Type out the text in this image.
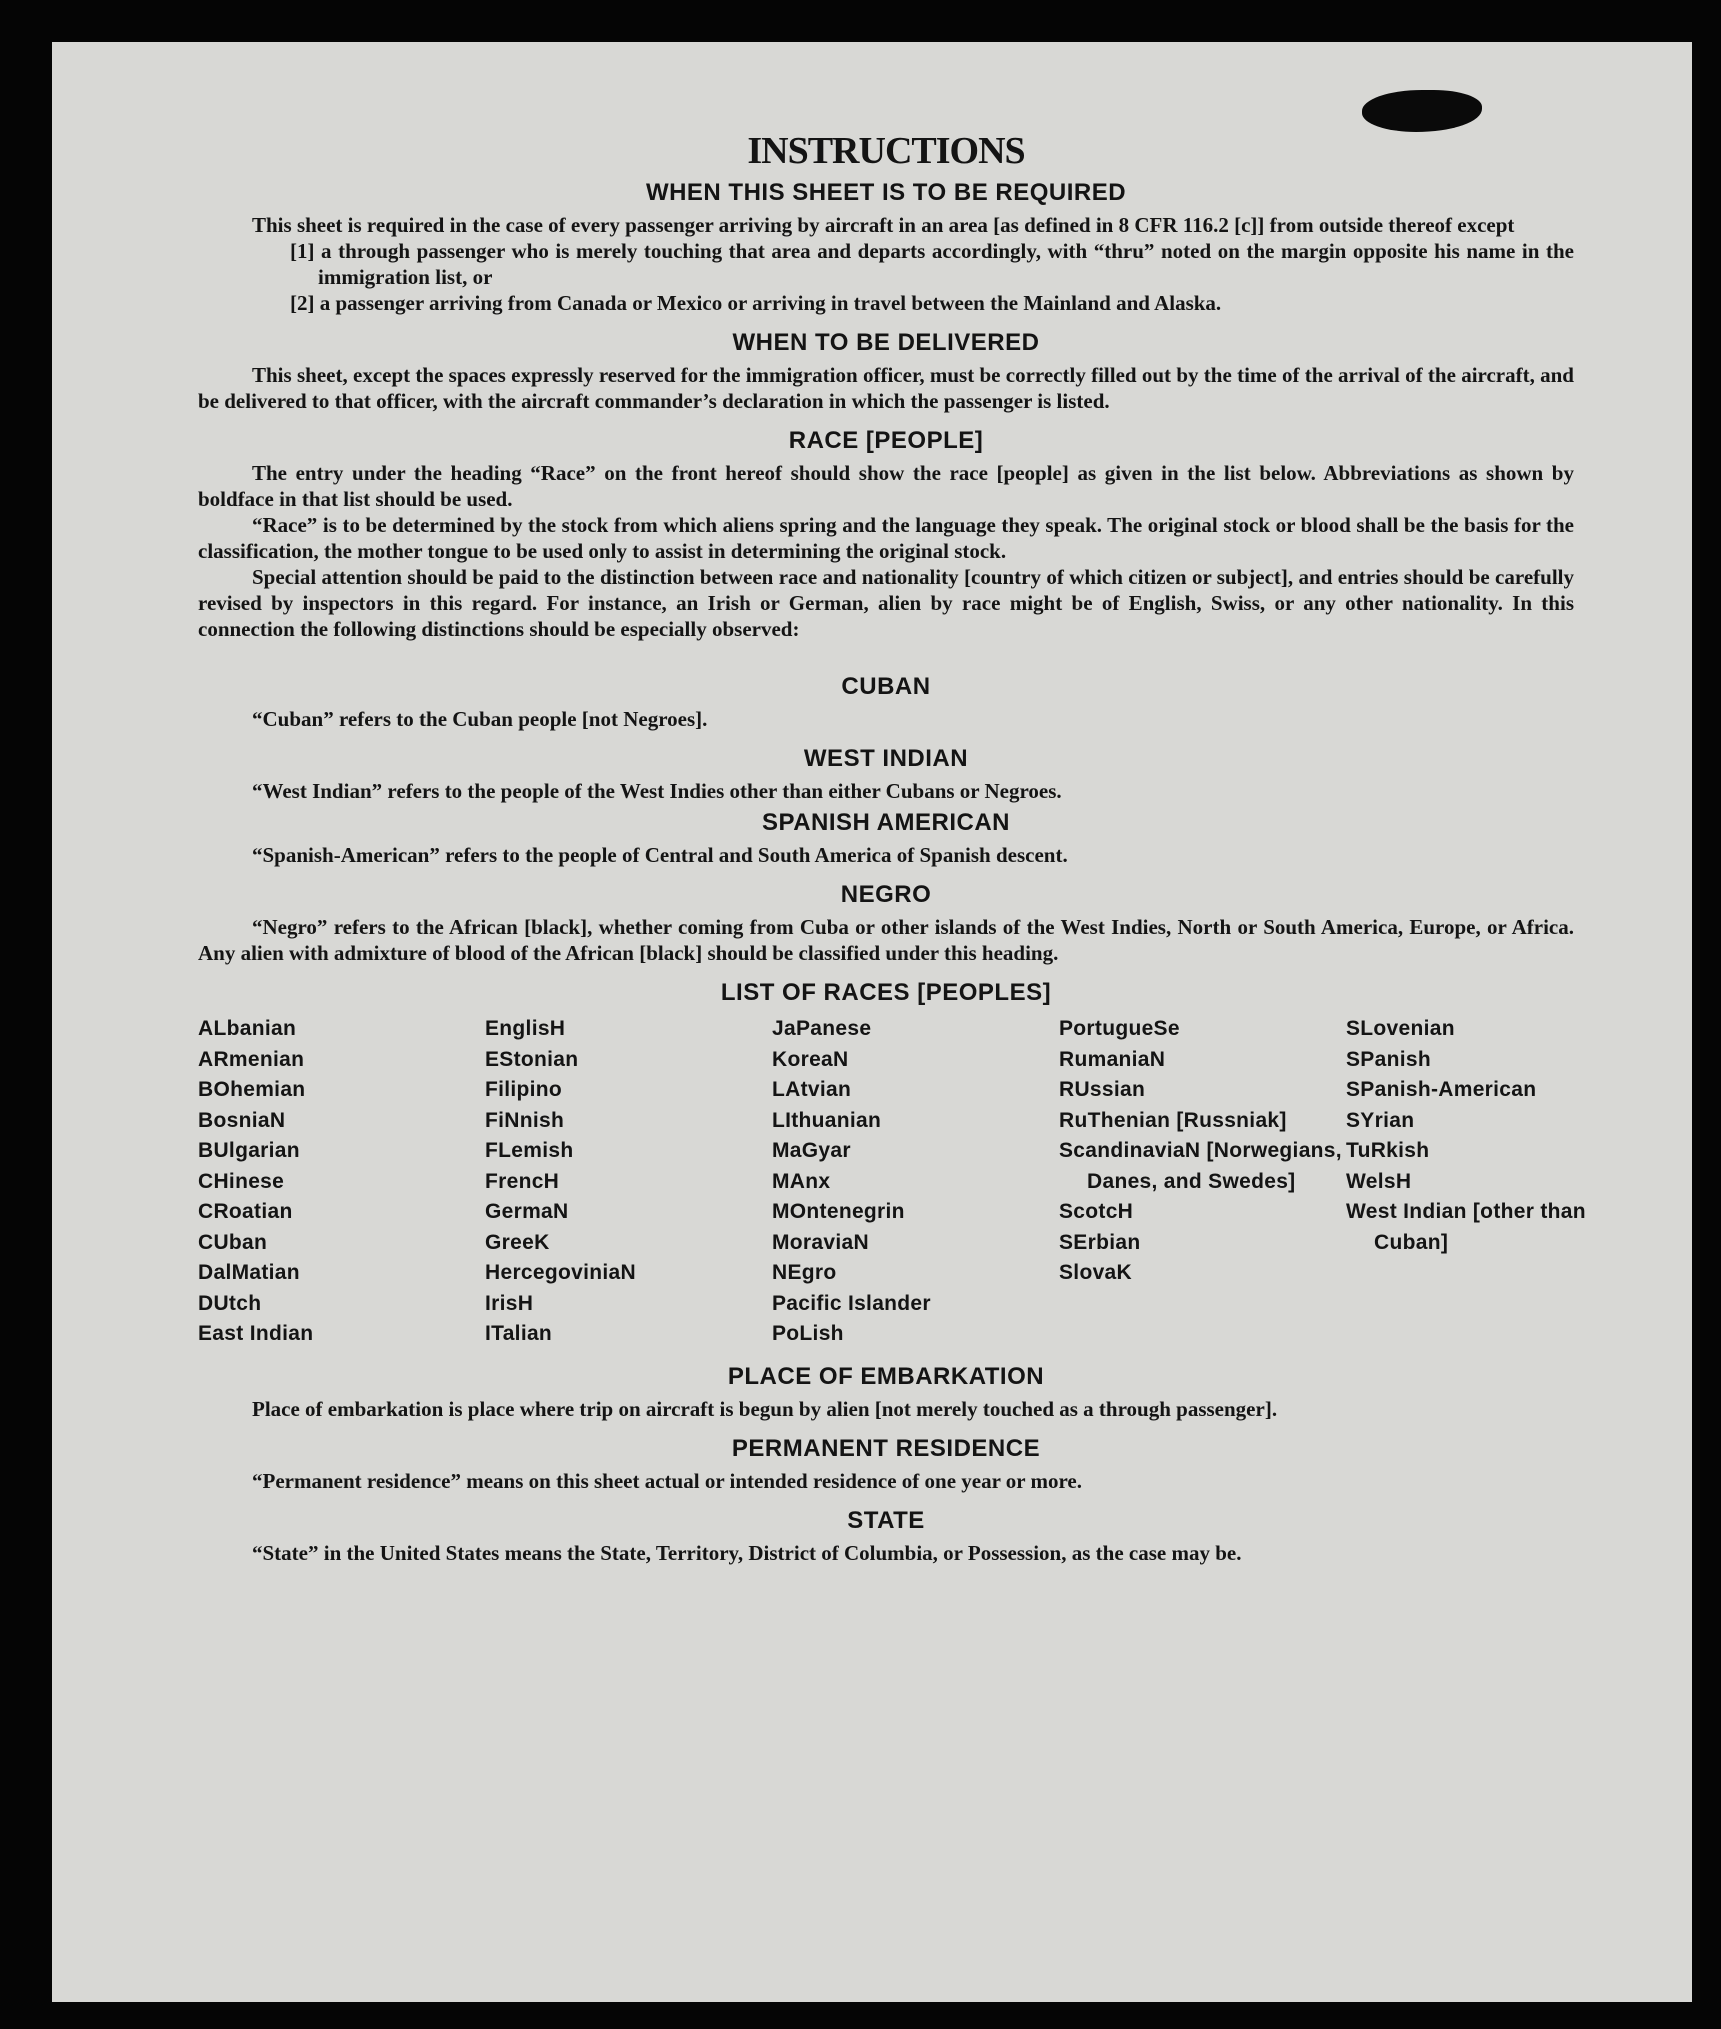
INSTRUCTIONS
WHEN THIS SHEET IS TO BE REQUIRED

This sheet is required in the case of every passenger arriving by aircraft in an area [as defined in 8 CFR 116.2 [c]] from outside thereof except

[1] a through passenger who is merely touching that area and departs accordingly, with “thru” noted on the margin opposite his name in the immigration list, or

[2] a passenger arriving from Canada or Mexico or arriving in travel between the Mainland and Alaska.

WHEN TO BE DELIVERED

This sheet, except the spaces expressly reserved for the immigration officer, must be correctly filled out by the time of the arrival of the aircraft, and be delivered to that officer, with the aircraft commander’s declaration in which the passenger is listed.

RACE [PEOPLE]

The entry under the heading “Race” on the front hereof should show the race [people] as given in the list below. Abbreviations as shown by boldface in that list should be used.

“Race” is to be determined by the stock from which aliens spring and the language they speak. The original stock or blood shall be the basis for the classification, the mother tongue to be used only to assist in determining the original stock.

Special attention should be paid to the distinction between race and nationality [country of which citizen or subject], and entries should be carefully revised by inspectors in this regard. For instance, an Irish or German, alien by race might be of English, Swiss, or any other nationality. In this connection the following distinctions should be especially observed:

CUBAN

“Cuban” refers to the Cuban people [not Negroes].

WEST INDIAN

“West Indian” refers to the people of the West Indies other than either Cubans or Negroes.

SPANISH AMERICAN

“Spanish-American” refers to the people of Central and South America of Spanish descent.

NEGRO

“Negro” refers to the African [black], whether coming from Cuba or other islands of the West Indies, North or South America, Europe, or Africa. Any alien with admixture of blood of the African [black] should be classified under this heading.

LIST OF RACES [PEOPLES]
ALbanian
ARmenian
BOhemian
BosniaN
BUlgarian
CHinese
CRoatian
CUban
DalMatian
DUtch
East Indian
EnglisH
EStonian
Filipino
FiNnish
FLemish
FrencH
GermaN
GreeK
HercegoviniaN
IrisH
ITalian
JaPanese
KoreaN
LAtvian
LIthuanian
MaGyar
MAnx
MOntenegrin
MoraviaN
NEgro
Pacific Islander
PoLish
PortugueSe
RumaniaN
RUssian
RuThenian [Russniak]
ScandinaviaN [Norwegians, Danes, and Swedes]
ScotcH
SErbian
SlovaK
SLovenian
SPanish
SPanish-American
SYrian
TuRkish
WelsH
West Indian [other than Cuban]
PLACE OF EMBARKATION

Place of embarkation is place where trip on aircraft is begun by alien [not merely touched as a through passenger].

PERMANENT RESIDENCE

“Permanent residence” means on this sheet actual or intended residence of one year or more.

STATE

“State” in the United States means the State, Territory, District of Columbia, or Possession, as the case may be.
